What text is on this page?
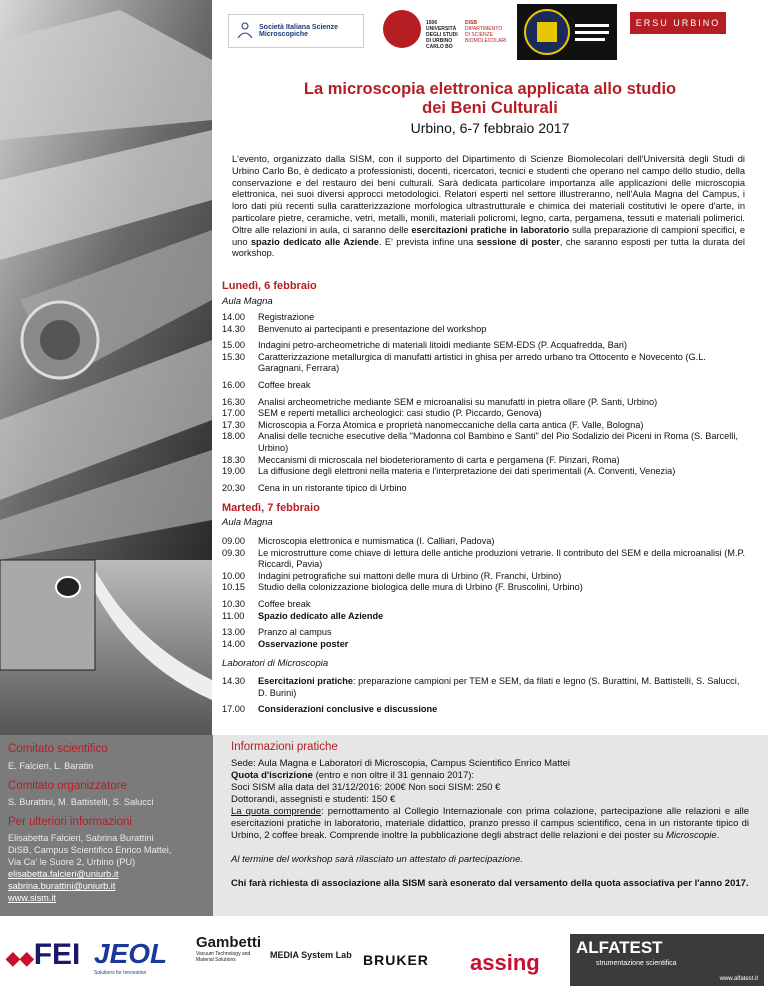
Società Italiana Scienze Microscopiche
1506
UNIVERSITÀ
DEGLI STUDI
DI URBINO
CARLO BO
DiSB
DIPARTIMENTO
DI SCIENZE
BIOMOLECOLARI
ERSU URBINO
La microscopia elettronica applicata allo studio
dei Beni Culturali
Urbino, 6-7 febbraio 2017
L'evento, organizzato dalla SISM, con il supporto del Dipartimento di Scienze Biomolecolari dell'Università degli Studi di Urbino Carlo Bo, è dedicato a professionisti, docenti, ricercatori, tecnici e studenti che operano nel campo dello studio, della conservazione e del restauro dei beni culturali. Sarà dedicata particolare importanza alle applicazioni delle microscopia elettronica, nei suoi diversi approcci metodologici. Relatori esperti nel settore illustreranno, nell'Aula Magna del Campus, i loro dati più recenti sulla caratterizzazione morfologica ultrastrutturale e chimica dei materiali costitutivi le opere d'arte, in particolare pietre, ceramiche, vetri, metalli, monili, materiali policromi, legno, carta, pergamena, tessuti e materiali polimerici. Oltre alle relazioni in aula, ci saranno delle esercitazioni pratiche in laboratorio sulla preparazione di campioni specifici, e uno spazio dedicato alle Aziende. E' prevista infine una sessione di poster, che saranno esposti per tutta la durata del workshop.
Lunedì, 6 febbraio
Aula Magna
14.00	Registrazione
14.30	Benvenuto ai partecipanti e presentazione del workshop
15.00	Indagini petro-archeometriche di materiali litoidi mediante SEM-EDS (P. Acquafredda, Bari)
15.30	Caratterizzazione metallurgica di manufatti artistici in ghisa per arredo urbano tra Ottocento e Novecento (G.L. Garagnani, Ferrara)
16.00	Coffee break
16.30	Analisi archeometriche mediante SEM e microanalisi su manufatti in pietra ollare (P. Santi, Urbino)
17.00	SEM e reperti metallici archeologici: casi studio (P. Piccardo, Genova)
17.30	Microscopia a Forza Atomica e proprietà nanomeccaniche della carta antica (F. Valle, Bologna)
18.00	Analisi delle tecniche esecutive della "Madonna col Bambino e Santi" del Pio Sodalizio dei Piceni in Roma (S. Barcelli, Urbino)
18.30	Meccanismi di microscala nel biodeterioramento di carta e pergamena (F. Pinzari, Roma)
19.00	La diffusione degli elettroni nella materia e l'interpretazione dei dati sperimentali (A. Conventi, Venezia)
20.30	Cena in un ristorante tipico di Urbino
Martedì, 7 febbraio
Aula Magna
09.00	Microscopia elettronica e numismatica (I. Calliari, Padova)
09.30	Le microstrutture come chiave di lettura delle antiche produzioni vetrarie. Il contributo del SEM e della microanalisi (M.P. Riccardi, Pavia)
10.00	Indagini petrografiche sui mattoni delle mura di Urbino (R. Franchi, Urbino)
10.15	Studio della colonizzazione biologica delle mura di Urbino (F. Bruscolini, Urbino)
10.30	Coffee break
11.00	Spazio dedicato alle Aziende
13.00	Pranzo al campus
14.00	Osservazione poster
Laboratori di Microscopia
14.30	Esercitazioni pratiche: preparazione campioni per TEM e SEM, da filati e legno (S. Burattini, M. Battistelli, S. Salucci, D. Burini)
17.00	Considerazioni conclusive e discussione
Comitato scientifico
E. Falcieri, L. Baratin
Comitato organizzatore
S. Burattini, M. Battistelli, S. Salucci
Per ulteriori informazioni
Elisabetta Falcieri, Sabrina Burattini
DiSB, Campus Scientifico Enrico Mattei,
Via Ca' le Suore 2, Urbino (PU)
elisabetta.falcieri@uniurb.it
sabrina.burattini@uniurb.it
www.sism.it
Informazioni pratiche
Sede: Aula Magna e Laboratori di Microscopia, Campus Scientifico Enrico Mattei
Quota d'iscrizione (entro e non oltre il 31 gennaio 2017):
Soci SISM alla data del 31/12/2016: 200€ Non soci SISM: 250 €
Dottorandi, assegnisti e studenti: 150 €
La quota comprende: pernottamento al Collegio Internazionale con prima colazione, partecipazione alle relazioni e alle esercitazioni pratiche in laboratorio, materiale didattico, pranzo presso il campus scientifico, cena in un ristorante tipico di Urbino, 2 coffee break. Comprende inoltre la pubblicazione degli abstract delle relazioni e dei poster su Microscopie.
Al termine del workshop sarà rilasciato un attestato di partecipazione.
Chi farà richiesta di associazione alla SISM sarà esonerato dal versamento della quota associativa per l'anno 2017.
◆◆FEI JEOL
Solutions for Innovation
Gambetti
Vacuum Technology and Material Solutions	MEDIA System Lab BRUKER assing
ALFATEST
strumentazione scientifica
www.alfatest.it
